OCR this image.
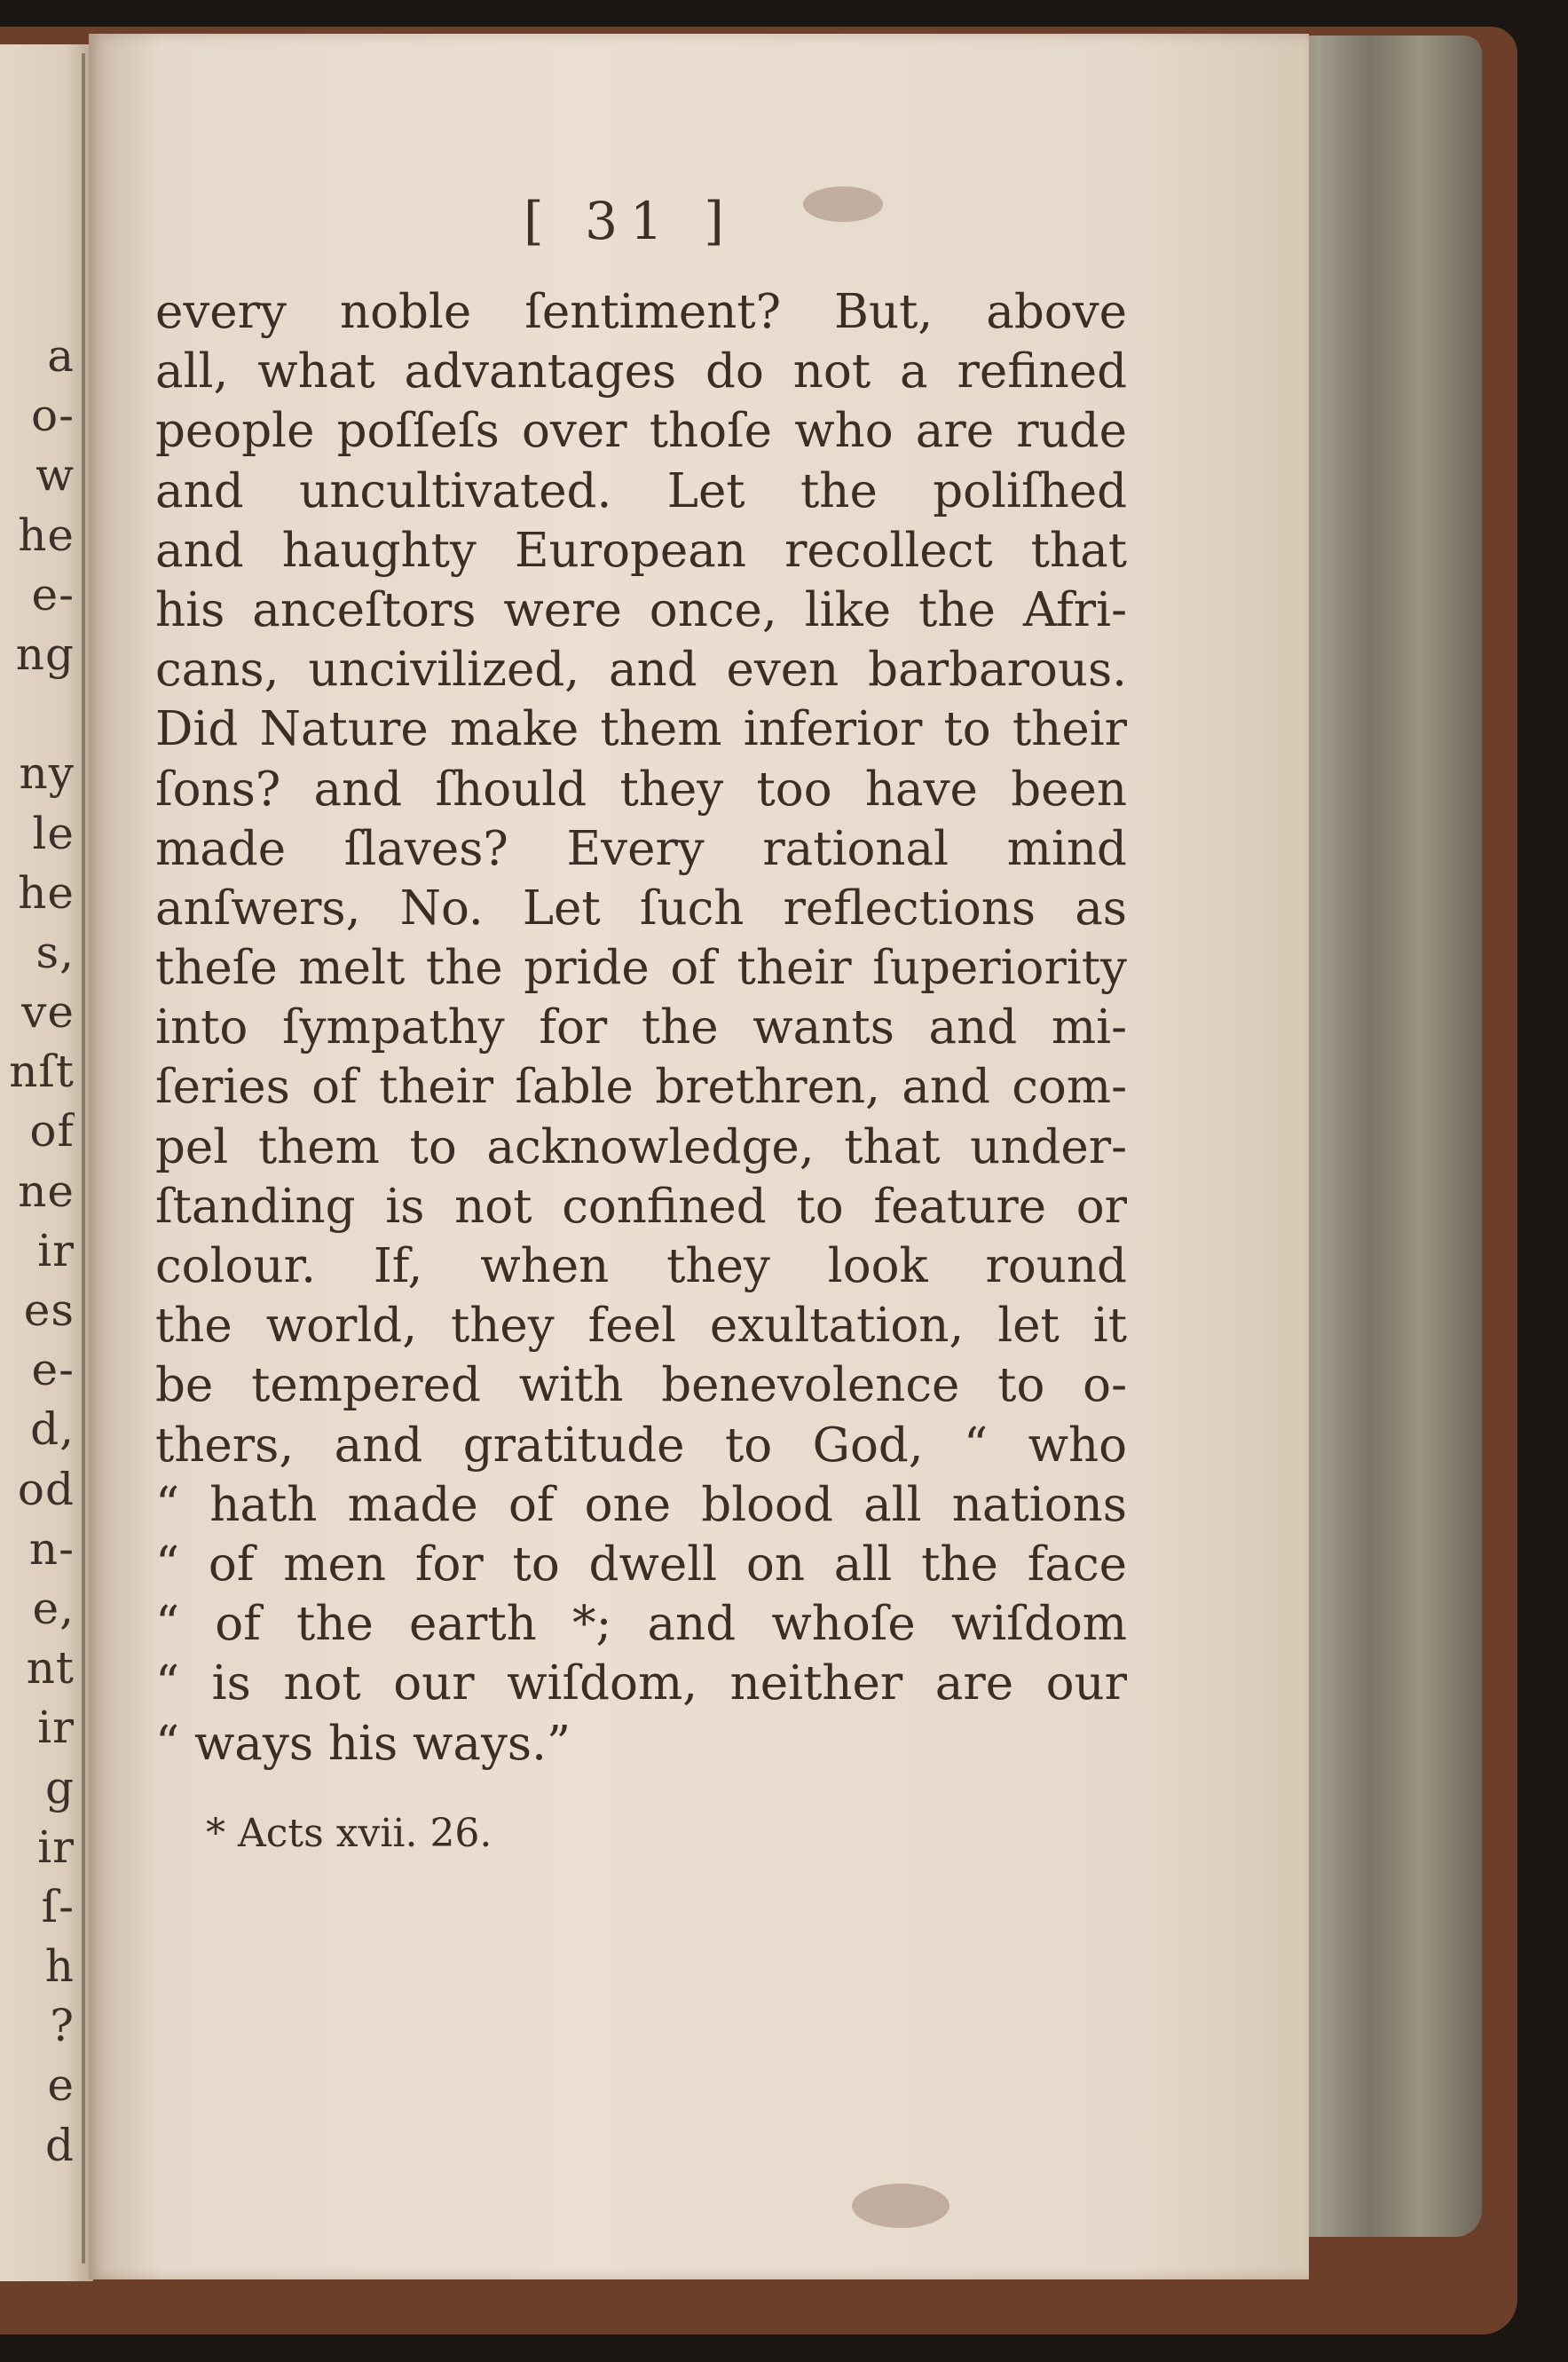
a
o-
w
he
e-
ng
ny
le
he
s,
ve
nſt
of
ne
ir
es
e-
d,
od
n-
e,
nt
ir
g
ir
ſ-
h
?
e
d
[ 31 ]
every noble ſentiment? But, above
all, what advantages do not a refined
people poſſeſs over thoſe who are rude
and uncultivated. Let the poliſhed
and haughty European recollect that
his anceſtors were once, like the Afri-
cans, uncivilized, and even barbarous.
Did Nature make them inferior to their
ſons? and ſhould they too have been
made ſlaves? Every rational mind
anſwers, No. Let ſuch reflections as
theſe melt the pride of their ſuperiority
into ſympathy for the wants and mi-
ſeries of their ſable brethren, and com-
pel them to acknowledge, that under-
ſtanding is not confined to feature or
colour. If, when they look round
the world, they feel exultation, let it
be tempered with benevolence to o-
thers, and gratitude to God, “ who
“ hath made of one blood all nations
“ of men for to dwell on all the face
“ of the earth *; and whoſe wiſdom
“ is not our wiſdom, neither are our
“ ways his ways.”
* Acts xvii. 26.
